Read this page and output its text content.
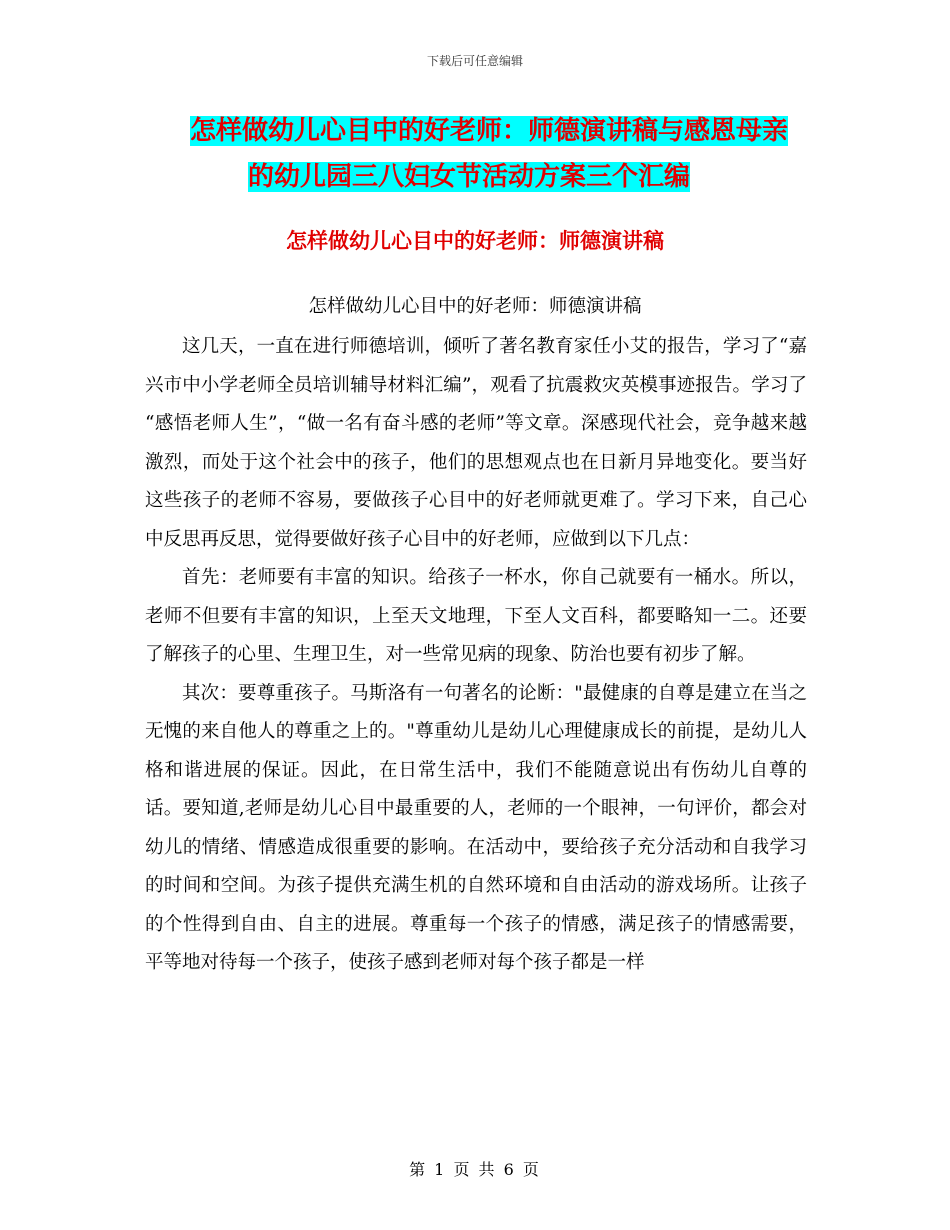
下载后可任意编辑
怎样做幼儿心目中的好老师：师德演讲稿与感恩母亲
的幼儿园三八妇女节活动方案三个汇编
怎样做幼儿心目中的好老师：师德演讲稿
怎样做幼儿心目中的好老师：师德演讲稿

这几天，一直在进行师德培训，倾听了著名教育家任小艾的报告，学习了“嘉兴市中小学老师全员培训辅导材料汇编”，观看了抗震救灾英模事迹报告。学习了 “感悟老师人生”，“做一名有奋斗感的老师”等文章。深感现代社会，竞争越来越激烈，而处于这个社会中的孩子，他们的思想观点也在日新月异地变化。要当好这些孩子的老师不容易，要做孩子心目中的好老师就更难了。学习下来，自己心中反思再反思，觉得要做好孩子心目中的好老师，应做到以下几点：

首先：老师要有丰富的知识。给孩子一杯水，你自己就要有一桶水。所以，老师不但要有丰富的知识，上至天文地理，下至人文百科，都要略知一二。还要了解孩子的心里、生理卫生，对一些常见病的现象、防治也要有初步了解。

其次：要尊重孩子。马斯洛有一句著名的论断："最健康的自尊是建立在当之无愧的来自他人的尊重之上的。"尊重幼儿是幼儿心理健康成长的前提，是幼儿人格和谐进展的保证。因此，在日常生活中，我们不能随意说出有伤幼儿自尊的话。要知道,老师是幼儿心目中最重要的人，老师的一个眼神，一句评价，都会对幼儿的情绪、情感造成很重要的影响。在活动中，要给孩子充分活动和自我学习的时间和空间。为孩子提供充满生机的自然环境和自由活动的游戏场所。让孩子的个性得到自由、自主的进展。尊重每一个孩子的情感，满足孩子的情感需要，平等地对待每一个孩子，使孩子感到老师对每个孩子都是一样

第 1 页 共 6 页
